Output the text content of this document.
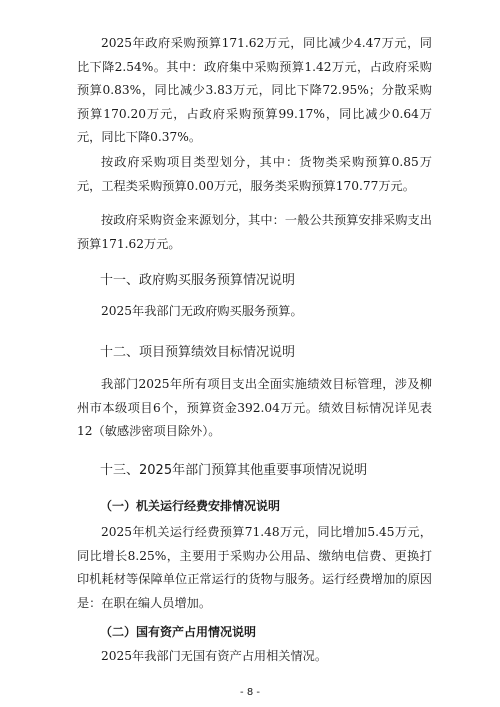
2025年政府采购预算171.62万元，同比减少4.47万元，同比下降2.54%。其中：政府集中采购预算1.42万元，占政府采购预算0.83%，同比减少3.83万元，同比下降72.95%；分散采购预算170.20万元，占政府采购预算99.17%，同比减少0.64万元，同比下降0.37%。

按政府采购项目类型划分，其中：货物类采购预算0.85万元，工程类采购预算0.00万元，服务类采购预算170.77万元。

按政府采购资金来源划分，其中：一般公共预算安排采购支出预算171.62万元。

十一、政府购买服务预算情况说明

2025年我部门无政府购买服务预算。

十二、项目预算绩效目标情况说明

我部门2025年所有项目支出全面实施绩效目标管理，涉及柳州市本级项目6个，预算资金392.04万元。绩效目标情况详见表12（敏感涉密项目除外）。

十三、2025年部门预算其他重要事项情况说明
（一）机关运行经费安排情况说明

2025年机关运行经费预算71.48万元，同比增加5.45万元，同比增长8.25%，主要用于采购办公用品、缴纳电信费、更换打印机耗材等保障单位正常运行的货物与服务。运行经费增加的原因是：在职在编人员增加。

（二）国有资产占用情况说明

2025年我部门无国有资产占用相关情况。

- 8 -
